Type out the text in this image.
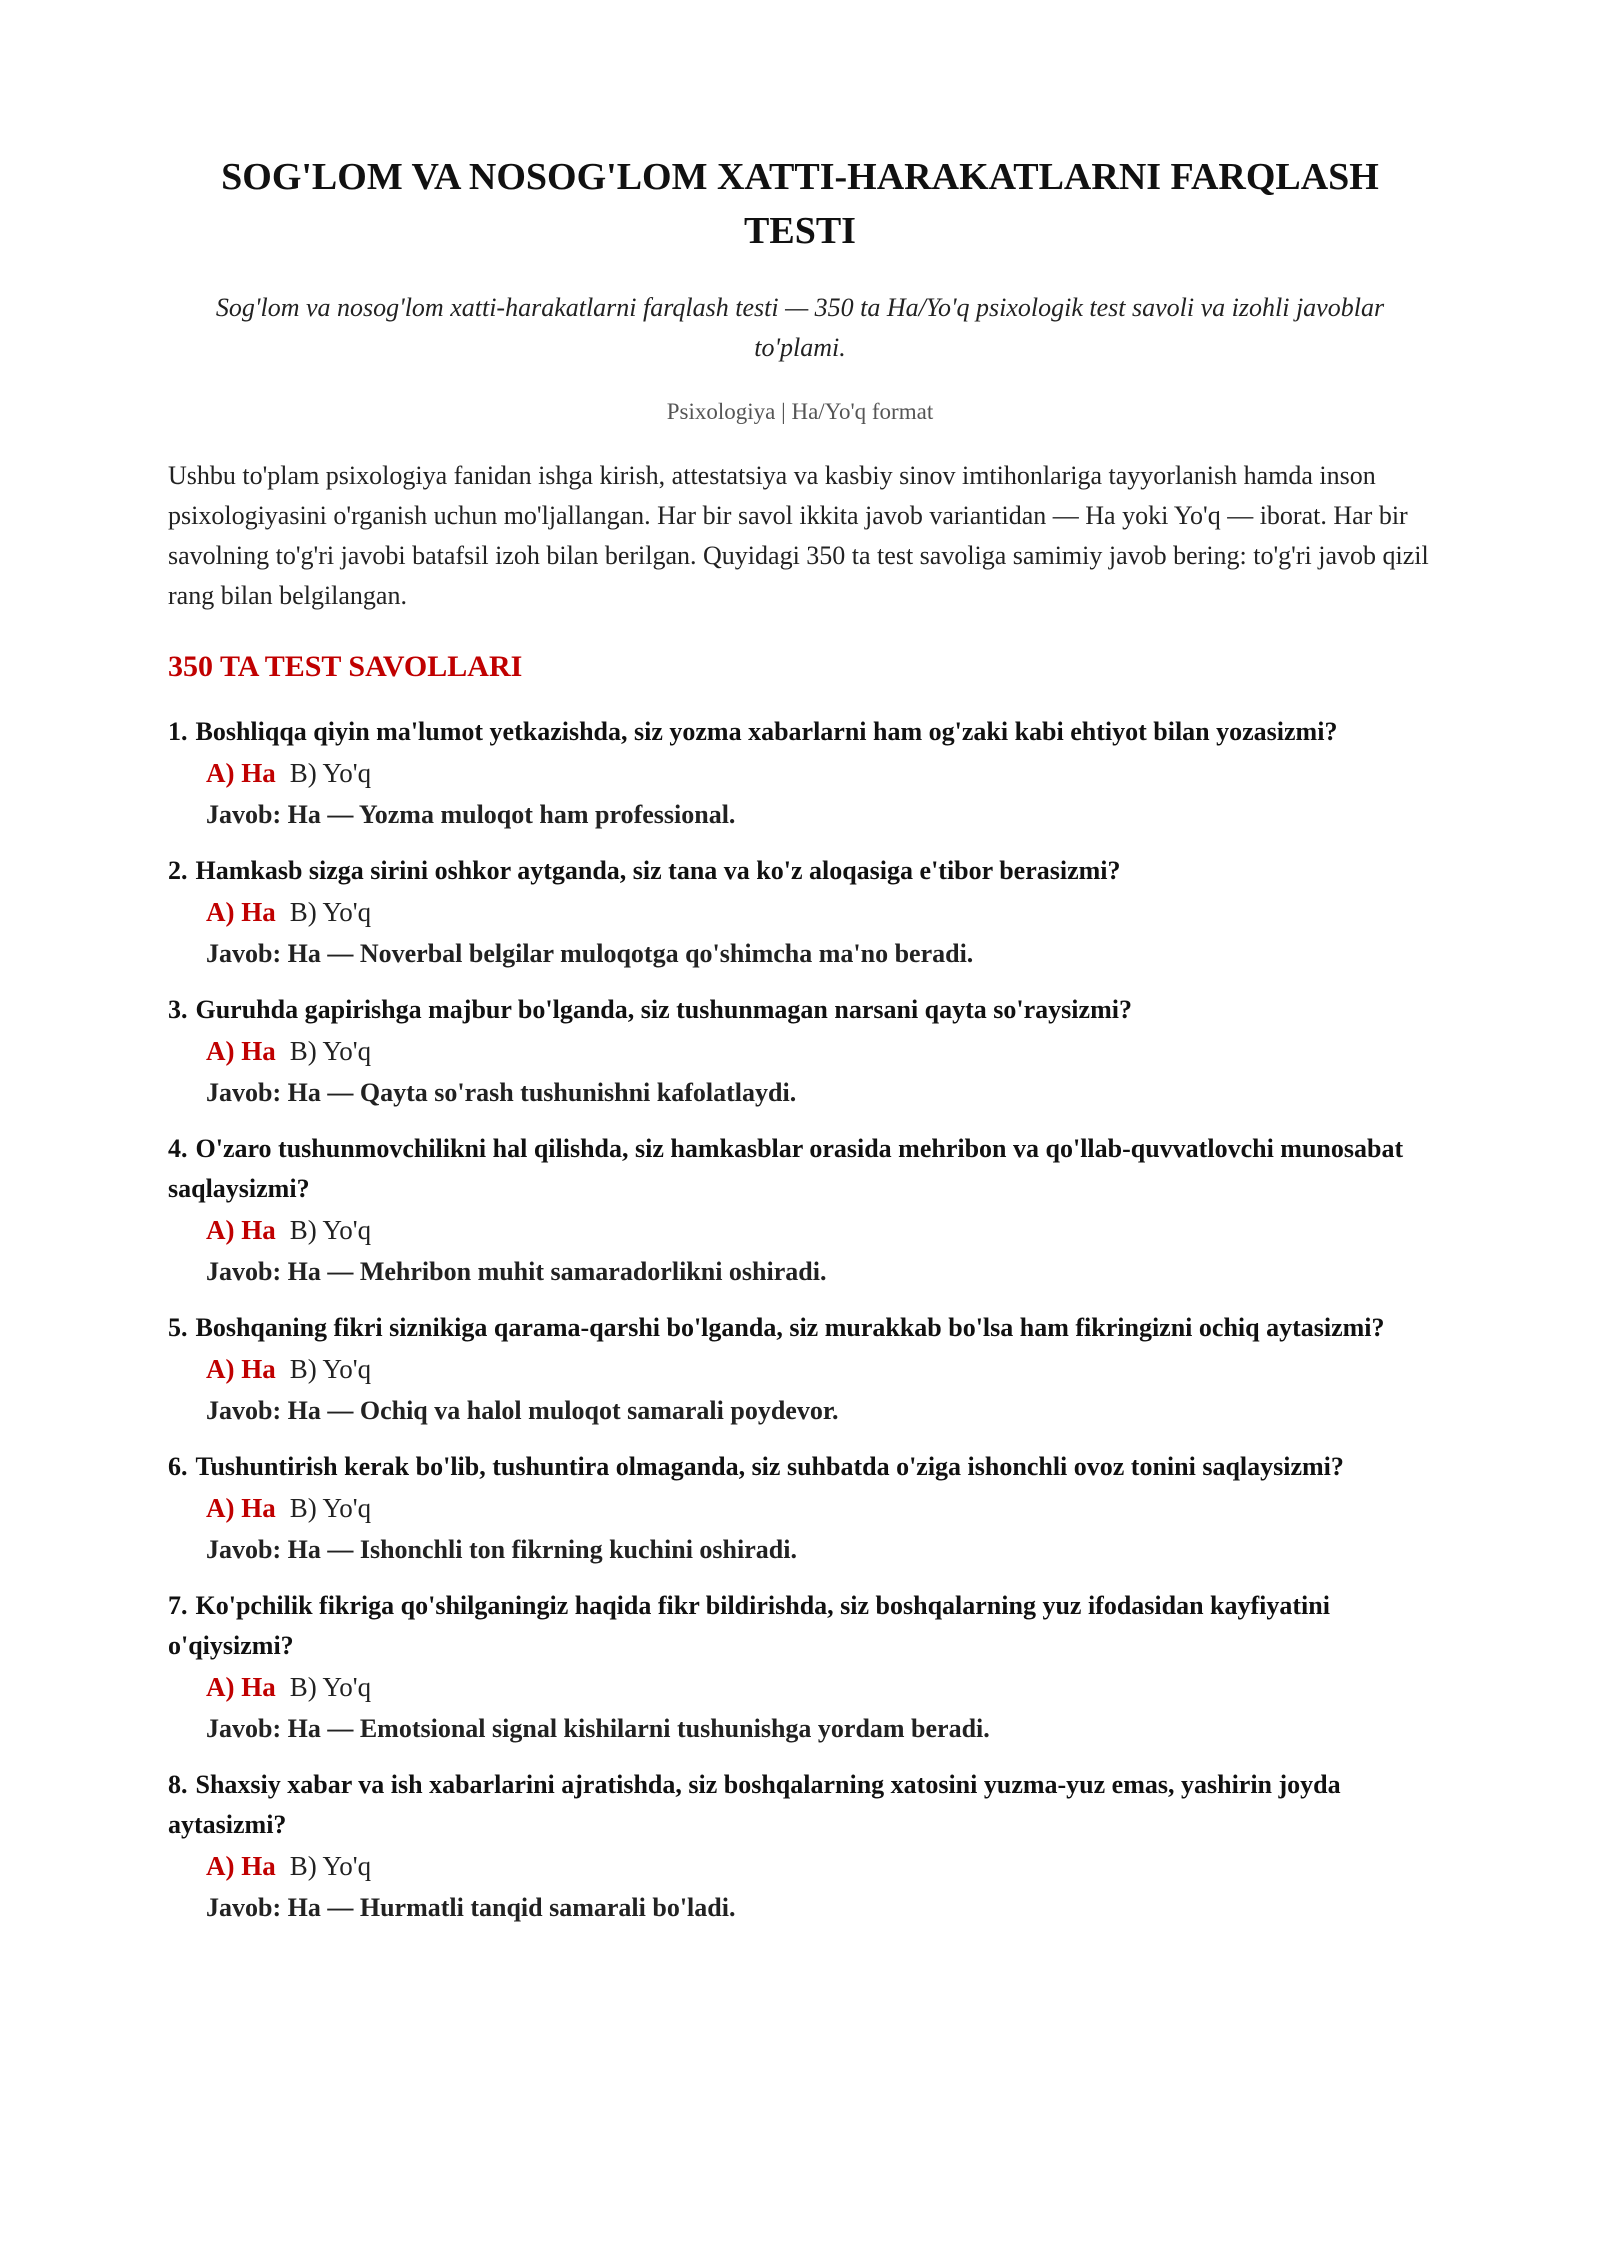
SOG'LOM VA NOSOG'LOM XATTI-HARAKATLARNI FARQLASH TESTI

Sog'lom va nosog'lom xatti-harakatlarni farqlash testi — 350 ta Ha/Yo'q psixologik test savoli va izohli javoblar to'plami.

Psixologiya | Ha/Yo'q format

Ushbu to'plam psixologiya fanidan ishga kirish, attestatsiya va kasbiy sinov imtihonlariga tayyorlanish hamda inson psixologiyasini o'rganish uchun mo'ljallangan. Har bir savol ikkita javob variantidan — Ha yoki Yo'q — iborat. Har bir savolning to'g'ri javobi batafsil izoh bilan berilgan. Quyidagi 350 ta test savoliga samimiy javob bering: to'g'ri javob qizil rang bilan belgilangan.

350 TA TEST SAVOLLARI
1. Boshliqqa qiyin ma'lumot yetkazishda, siz yozma xabarlarni ham og'zaki kabi ehtiyot bilan yozasizmi?
A) Ha B) Yo'q
Javob: Ha — Yozma muloqot ham professional.
2. Hamkasb sizga sirini oshkor aytganda, siz tana va ko'z aloqasiga e'tibor berasizmi?
A) Ha B) Yo'q
Javob: Ha — Noverbal belgilar muloqotga qo'shimcha ma'no beradi.
3. Guruhda gapirishga majbur bo'lganda, siz tushunmagan narsani qayta so'raysizmi?
A) Ha B) Yo'q
Javob: Ha — Qayta so'rash tushunishni kafolatlaydi.
4. O'zaro tushunmovchilikni hal qilishda, siz hamkasblar orasida mehribon va qo'llab-quvvatlovchi munosabat saqlaysizmi?
A) Ha B) Yo'q
Javob: Ha — Mehribon muhit samaradorlikni oshiradi.
5. Boshqaning fikri siznikiga qarama-qarshi bo'lganda, siz murakkab bo'lsa ham fikringizni ochiq aytasizmi?
A) Ha B) Yo'q
Javob: Ha — Ochiq va halol muloqot samarali poydevor.
6. Tushuntirish kerak bo'lib, tushuntira olmaganda, siz suhbatda o'ziga ishonchli ovoz tonini saqlaysizmi?
A) Ha B) Yo'q
Javob: Ha — Ishonchli ton fikrning kuchini oshiradi.
7. Ko'pchilik fikriga qo'shilganingiz haqida fikr bildirishda, siz boshqalarning yuz ifodasidan kayfiyatini o'qiysizmi?
A) Ha B) Yo'q
Javob: Ha — Emotsional signal kishilarni tushunishga yordam beradi.
8. Shaxsiy xabar va ish xabarlarini ajratishda, siz boshqalarning xatosini yuzma-yuz emas, yashirin joyda aytasizmi?
A) Ha B) Yo'q
Javob: Ha — Hurmatli tanqid samarali bo'ladi.
